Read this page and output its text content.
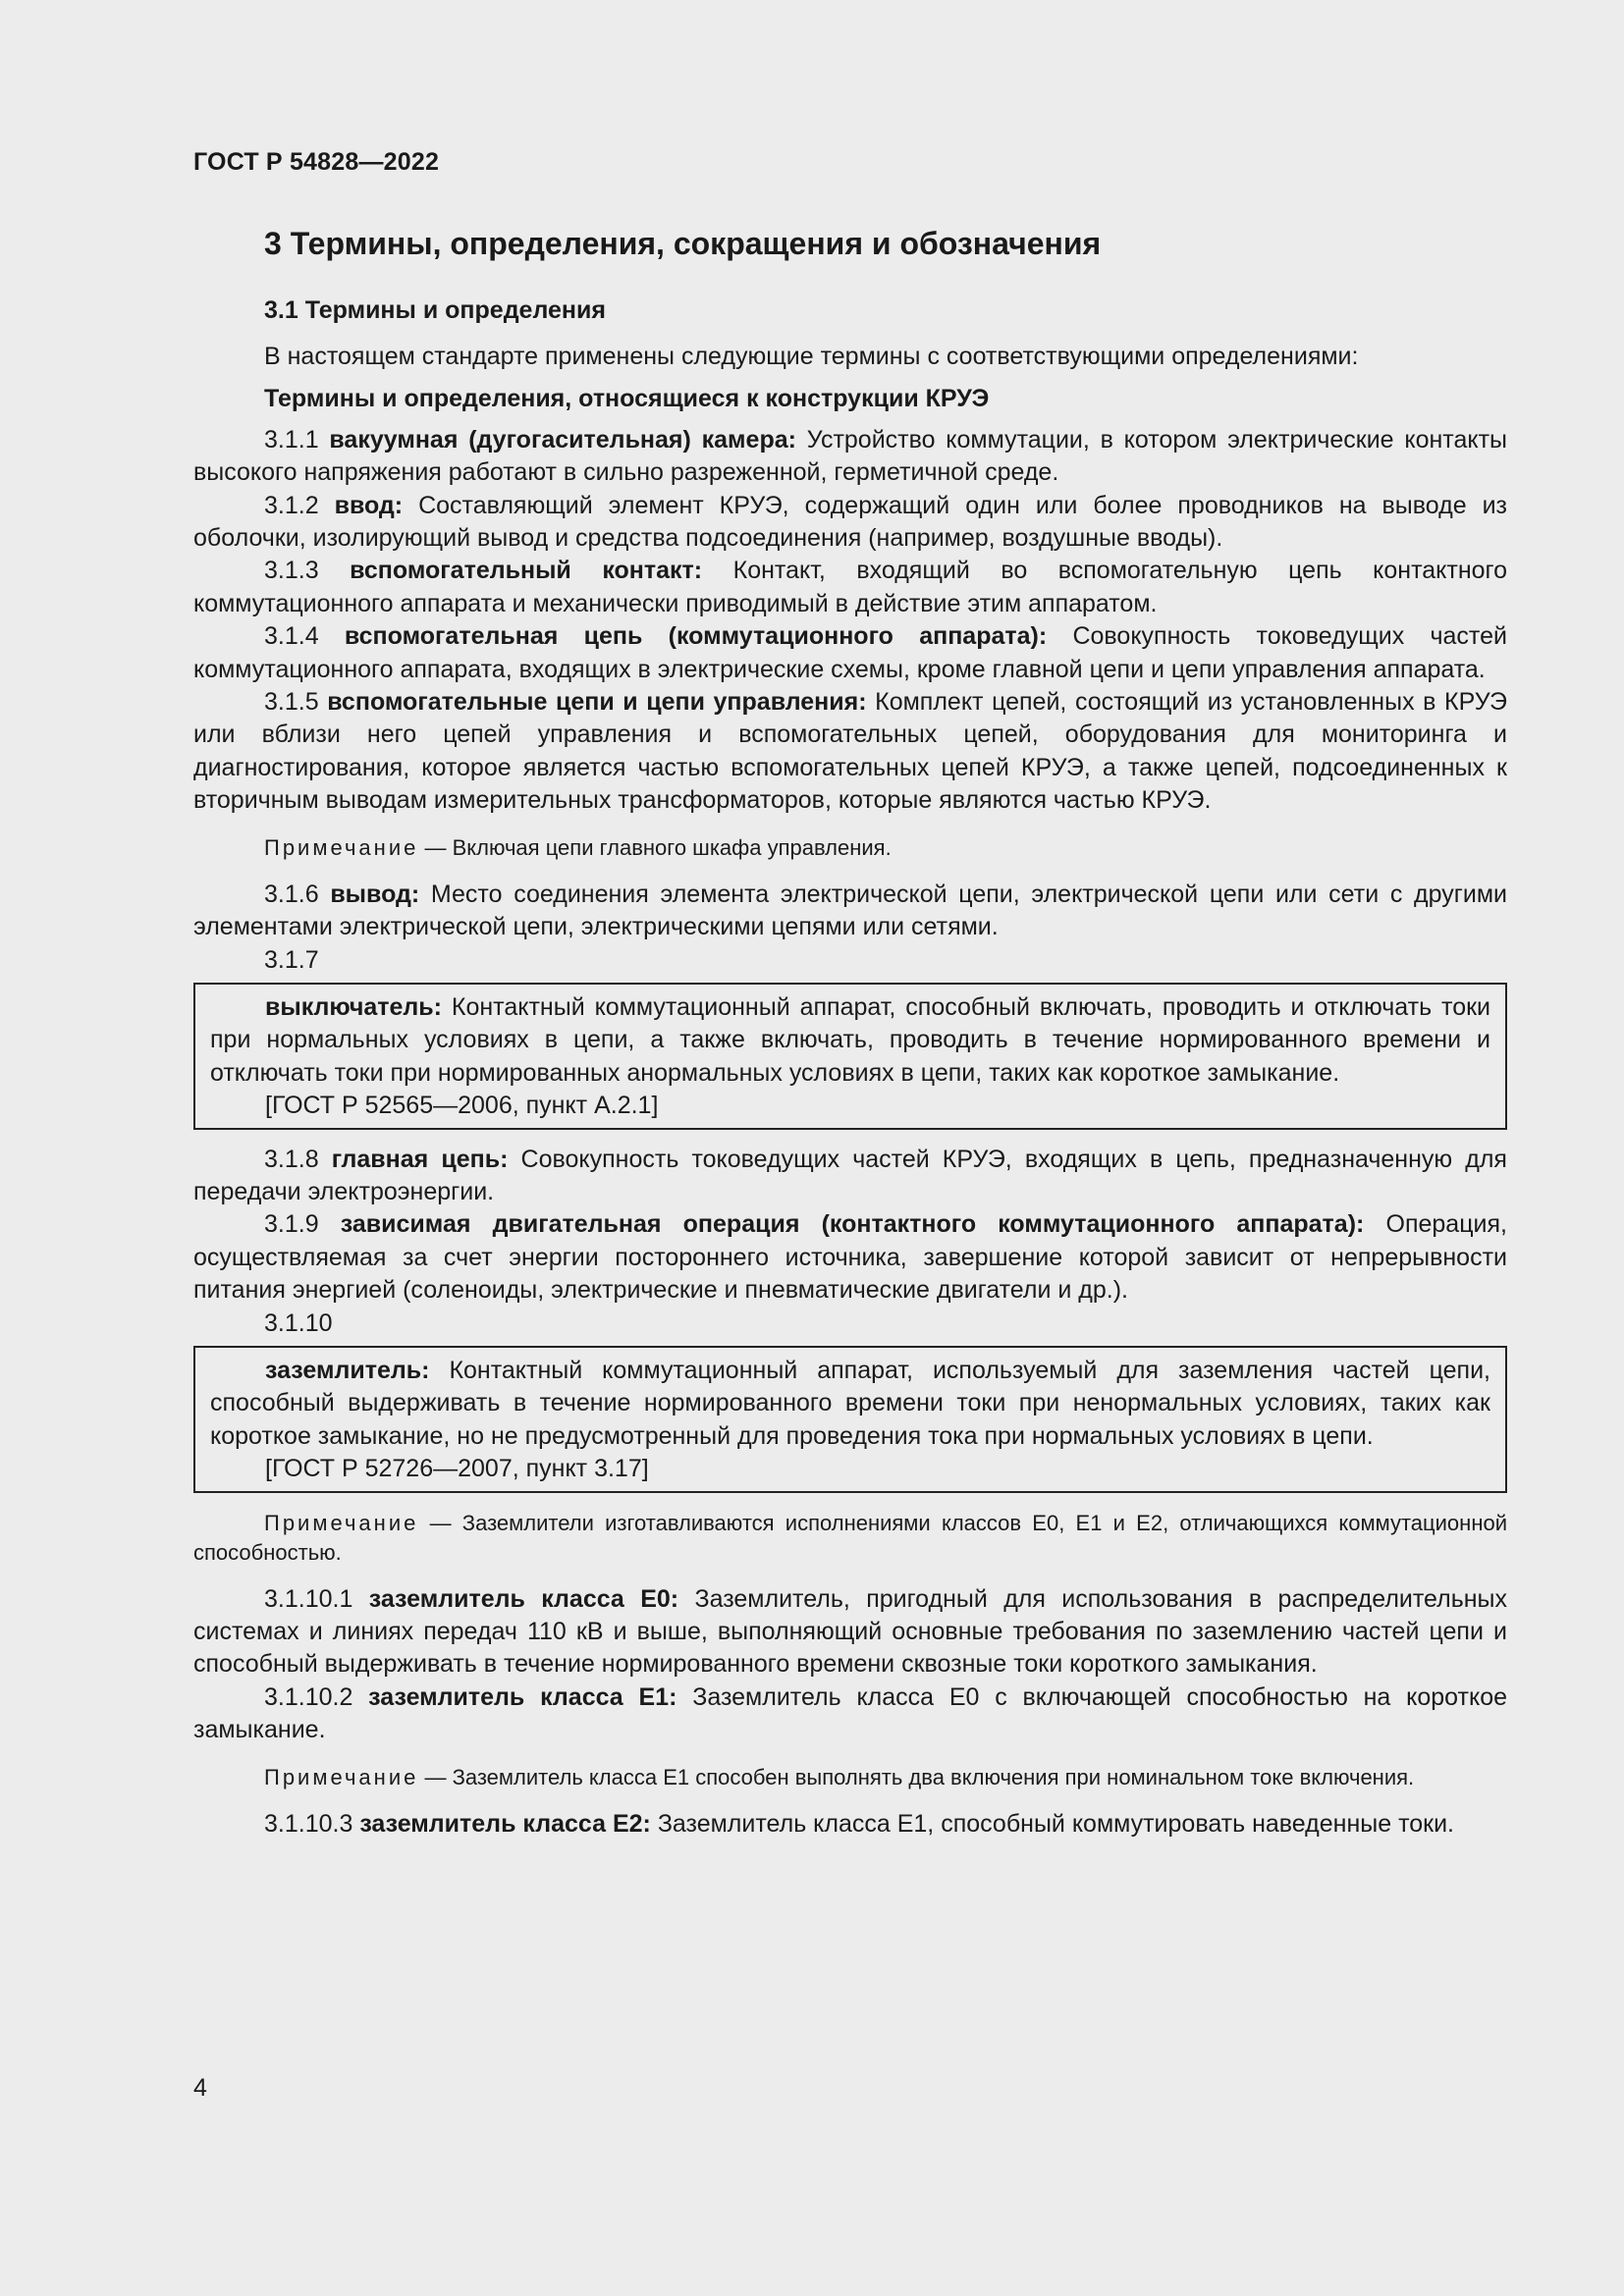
ГОСТ Р 54828—2022
3 Термины, определения, сокращения и обозначения
3.1 Термины и определения

В настоящем стандарте применены следующие термины с соответствующими определениями:

Термины и определения, относящиеся к конструкции КРУЭ

3.1.1 вакуумная (дугогасительная) камера: Устройство коммутации, в котором электрические контакты высокого напряжения работают в сильно разреженной, герметичной среде.

3.1.2 ввод: Составляющий элемент КРУЭ, содержащий один или более проводников на выводе из оболочки, изолирующий вывод и средства подсоединения (например, воздушные вводы).

3.1.3 вспомогательный контакт: Контакт, входящий во вспомогательную цепь контактного коммутационного аппарата и механически приводимый в действие этим аппаратом.

3.1.4 вспомогательная цепь (коммутационного аппарата): Совокупность токоведущих частей коммутационного аппарата, входящих в электрические схемы, кроме главной цепи и цепи управления аппарата.

3.1.5 вспомогательные цепи и цепи управления: Комплект цепей, состоящий из установленных в КРУЭ или вблизи него цепей управления и вспомогательных цепей, оборудования для мониторинга и диагностирования, которое является частью вспомогательных цепей КРУЭ, а также цепей, подсоединенных к вторичным выводам измерительных трансформаторов, которые являются частью КРУЭ.

Примечание — Включая цепи главного шкафа управления.

3.1.6 вывод: Место соединения элемента электрической цепи, электрической цепи или сети с другими элементами электрической цепи, электрическими цепями или сетями.

3.1.7

выключатель: Контактный коммутационный аппарат, способный включать, проводить и отключать токи при нормальных условиях в цепи, а также включать, проводить в течение нормированного времени и отключать токи при нормированных анормальных условиях в цепи, таких как короткое замыкание.
[ГОСТ Р 52565—2006, пункт А.2.1]

3.1.8 главная цепь: Совокупность токоведущих частей КРУЭ, входящих в цепь, предназначенную для передачи электроэнергии.

3.1.9 зависимая двигательная операция (контактного коммутационного аппарата): Операция, осуществляемая за счет энергии постороннего источника, завершение которой зависит от непрерывности питания энергией (соленоиды, электрические и пневматические двигатели и др.).

3.1.10

заземлитель: Контактный коммутационный аппарат, используемый для заземления частей цепи, способный выдерживать в течение нормированного времени токи при ненормальных условиях, таких как короткое замыкание, но не предусмотренный для проведения тока при нормальных условиях в цепи.
[ГОСТ Р 52726—2007, пункт 3.17]

Примечание — Заземлители изготавливаются исполнениями классов Е0, Е1 и Е2, отличающихся коммутационной способностью.

3.1.10.1 заземлитель класса Е0: Заземлитель, пригодный для использования в распределительных системах и линиях передач 110 кВ и выше, выполняющий основные требования по заземлению частей цепи и способный выдерживать в течение нормированного времени сквозные токи короткого замыкания.

3.1.10.2 заземлитель класса Е1: Заземлитель класса Е0 с включающей способностью на короткое замыкание.

Примечание — Заземлитель класса Е1 способен выполнять два включения при номинальном токе включения.

3.1.10.3 заземлитель класса Е2: Заземлитель класса Е1, способный коммутировать наведенные токи.

4
